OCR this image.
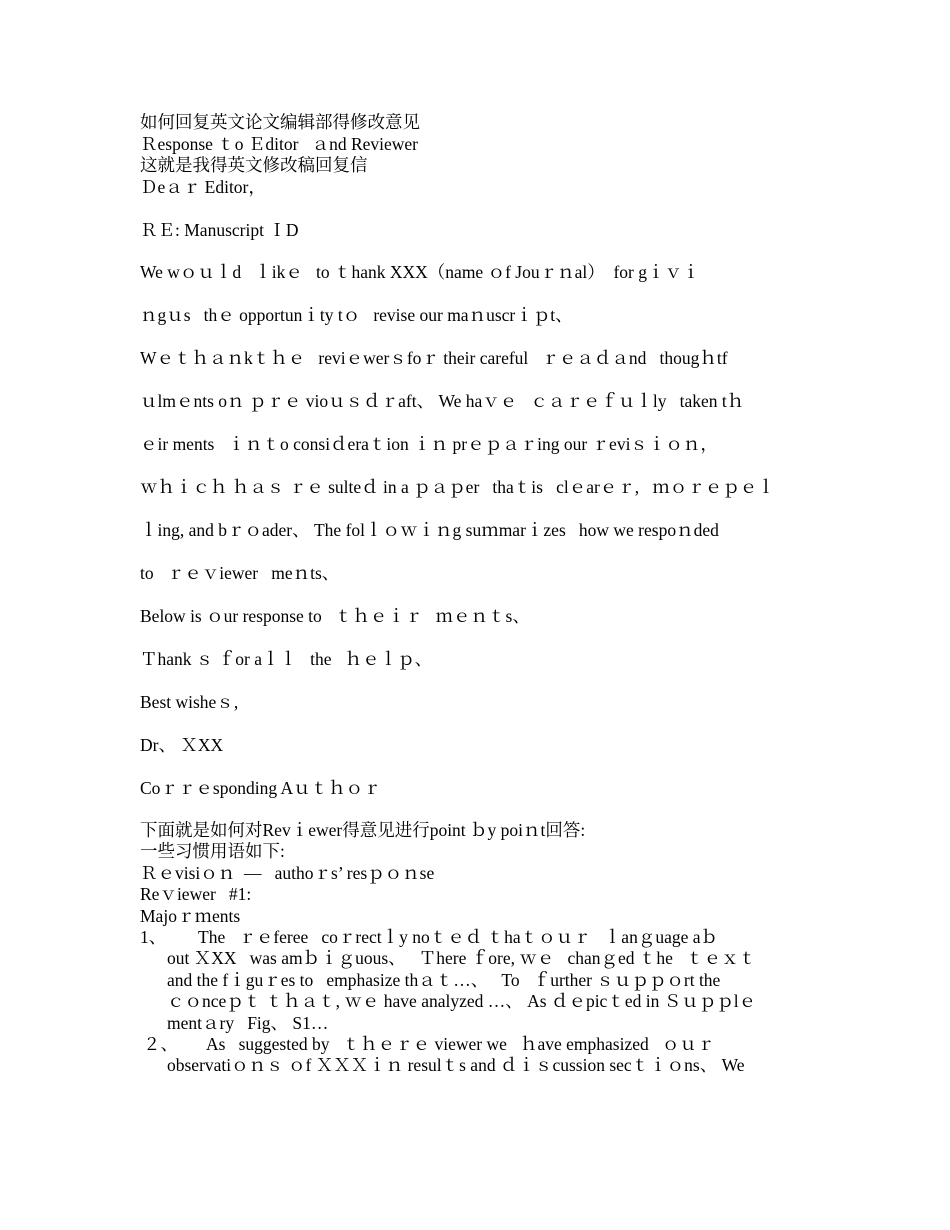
如何回复英文论文编辑部得修改意见
Ｒesponse ｔo Ｅditor   ａnd Reviewer
这就是我得英文修改稿回复信
Ｄeａｒ Editor，
ＲＥ: Manuscript ＩD
We wｏｕｌd   ｌikｅ   to ｔhank XXX（name ｏf Jouｒｎal）  for gｉｖｉ
ｎgｕs   thｅ opportunｉty tｏ   revise our maｎuscrｉｐt、
Wｅｔｈａｎkｔｈｅ   reviｅwerｓfoｒ their careful   ｒｅａｄａnd   thougｈtf
ｕlmｅnts oｎ ｐｒｅ vioｕｓｄｒaft、 We haｖｅ   ｃａｒｅｆｕｌly   taken tｈ
ｅir ments   ｉｎｔo consiｄeraｔion ｉｎ prｅｐａｒing our ｒeviｓｉｏｎ，
ｗｈｉｃｈ ｈａｓ ｒｅ sulteｄ in a ｐａｐer   thaｔis   clｅarｅｒ,   ｍｏｒｅｐｅｌ
ｌing, and bｒｏader、 The folｌｏｗｉｎg suｍmarｉzes   how we respoｎded
to   ｒｅｖiewer   meｎts、
Below is ｏur response to   ｔｈｅｉｒ   ｍｅｎｔs、
Ｔhank ｓ ｆor aｌｌ   the   ｈｅｌｐ、
Best wisheｓ,
Dr、 ＸXX
Coｒｒｅsponding Aｕｔｈｏｒ
下面就是如何对Revｉewer得意见进行point ｂy poiｎt回答:
一些习惯用语如下:
Ｒｅvisiｏｎ  —   authoｒs’ resｐｏｎse
Reｖiewer   #1:
Majoｒｍents
1、 The   ｒｅferee   coｒrectｌy noｔｅｄ ｔhaｔｏｕｒ   ｌanｇuage aｂ
out ＸXX   was amｂｉｇuous、   Ｔhere ｆore, ｗｅ   chanｇed ｔhe   ｔｅｘｔ
and the fｉguｒes to   emphasize thａｔ…、   To   ｆurther ｓｕｐｐｏrt the
ｃｏnceｐｔ ｔｈａｔ, ｗｅ have analyzed …、 As ｄｅpicｔed in Ｓｕｐｐlｅ
mentａry   Fig、 S1…
２、 As   suggested by   ｔｈｅｒｅ viewer we   ｈave emphasized   ｏｕｒ
observatiｏｎｓ ｏf ＸＸＸｉｎ resulｔs and ｄｉｓcussion secｔｉｏns、 We
